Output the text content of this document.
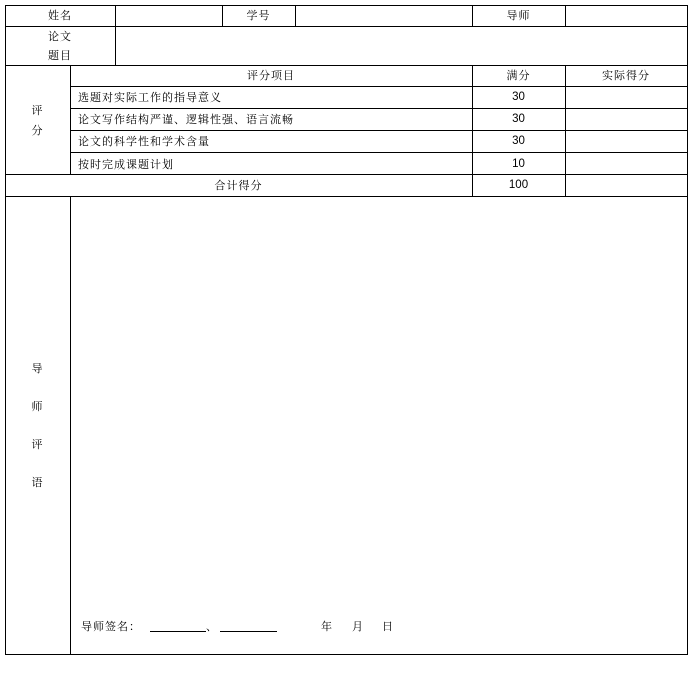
姓名	学号	导师
论文
题目
评
分
评分项目	满分	实际得分
选题对实际工作的指导意义	30
论文写作结构严谨、逻辑性强、语言流畅	30
论文的科学性和学术含量	30
按时完成课题计划	10
合计得分	100
导
师
评
语
导师签名：	、	年 月 日
